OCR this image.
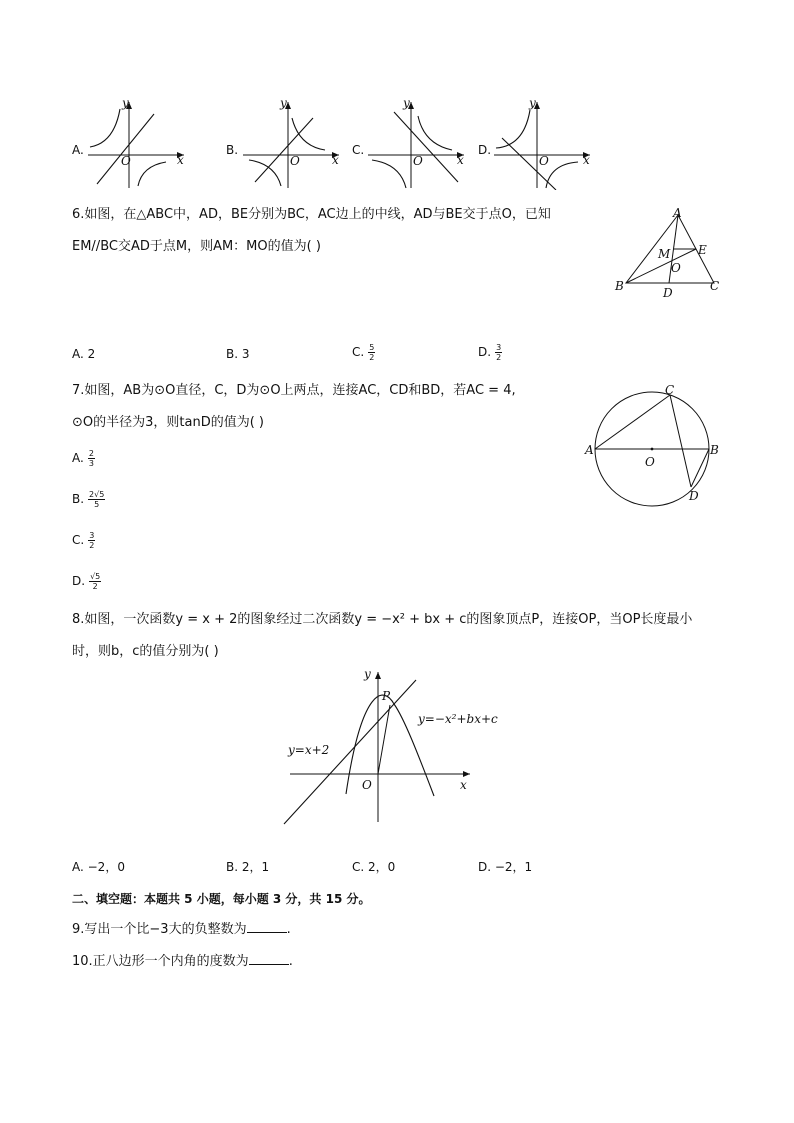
A.
y
x
O
B.
y
x
O
C.
y
x
O
D.
y
x
O
6.如图，在△ABC中，AD，BE分别为BC，AC边上的中线，AD与BE交于点O，已知
EM//BC交AD于点M，则AM：MO的值为( )
A
B	C
D
E
M
O
A. 2	B. 3	C. $\frac{5}{2}$	D. $\frac{3}{2}$
7.如图，AB为⊙O直径，C，D为⊙O上两点，连接AC，CD和BD，若AC = 4,
⊙O的半径为3，则tanD的值为( )
A	B
C
D
O
A. $\frac{2}{3}$
B. $\frac{2√5}{5}$
C. $\frac{3}{2}$
D. $\frac{√5}{2}$
8.如图，一次函数y = x + 2的图象经过二次函数y = −x² + bx + c的图象顶点P，连接OP，当OP长度最小
时，则b，c的值分别为( )
y
x
O
P
y=x+2
y=−x²+bx+c
A. −2，0	B. 2，1	C. 2，0	D. −2，1
二、填空题：本题共 5 小题，每小题 3 分，共 15 分。
9.写出一个比−3大的负整数为	.
10.正八边形一个内角的度数为	.
